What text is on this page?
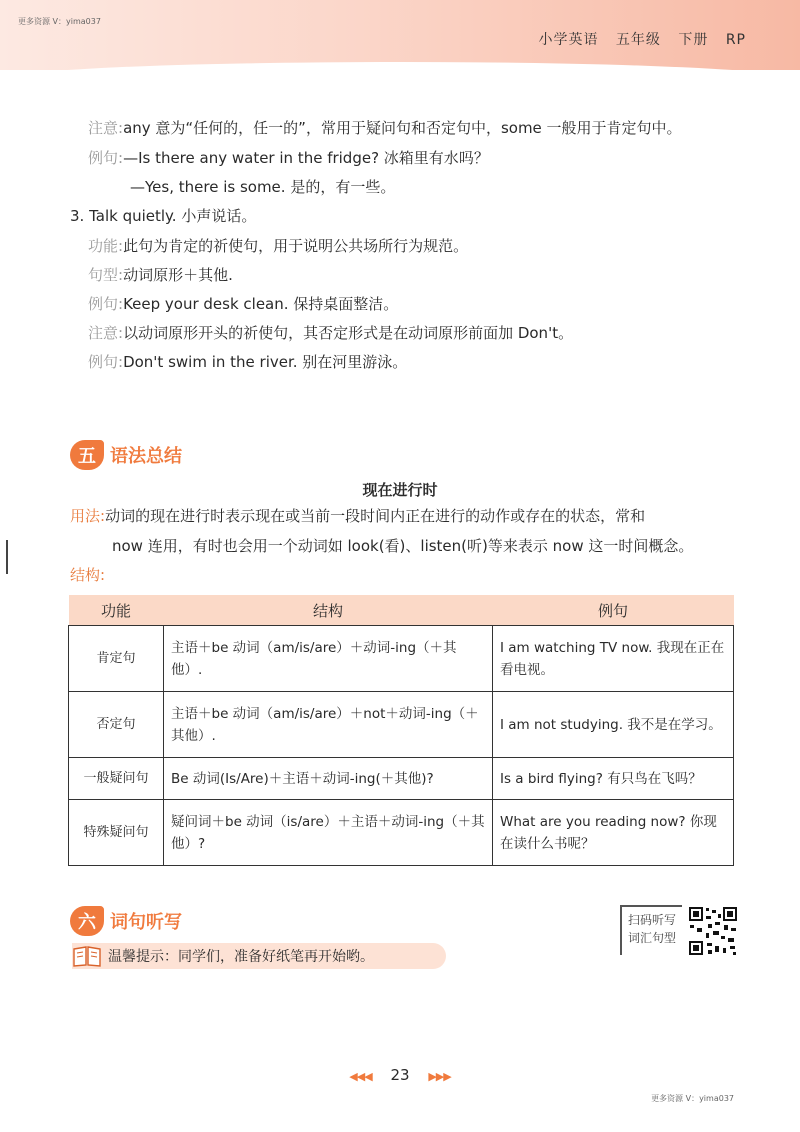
更多资源 V：yima037
小学英语 五年级 下册 RP
注意:any 意为“任何的，任一的”，常用于疑问句和否定句中，some 一般用于肯定句中。
例句:—Is there any water in the fridge? 冰箱里有水吗？
—Yes, there is some. 是的，有一些。
3. Talk quietly. 小声说话。
功能:此句为肯定的祈使句，用于说明公共场所行为规范。
句型:动词原形＋其他.
例句:Keep your desk clean. 保持桌面整洁。
注意:以动词原形开头的祈使句，其否定形式是在动词原形前面加 Don't。
例句:Don't swim in the river. 别在河里游泳。
五 语法总结
现在进行时
用法:动词的现在进行时表示现在或当前一段时间内正在进行的动作或存在的状态，常和
now 连用，有时也会用一个动词如 look(看)、listen(听)等来表示 now 这一时间概念。
结构:
功能	结构	例句
肯定句	主语＋be 动词（am/is/are）＋动词-ing（＋其他）.	I am watching TV now. 我现在正在看电视。
否定句	主语＋be 动词（am/is/are）＋not＋动词-ing（＋其他）.	I am not studying. 我不是在学习。
一般疑问句	Be 动词(Is/Are)＋主语＋动词-ing(＋其他)?	Is a bird flying? 有只鸟在飞吗？
特殊疑问句	疑问词＋be 动词（is/are）＋主语＋动词-ing（＋其他）?	What are you reading now? 你现在读什么书呢？
六 词句听写
温馨提示：同学们，准备好纸笔再开始哟。
扫码听写
词汇句型
◀◀◀ 23 ▶▶▶
更多资源 V：yima037
